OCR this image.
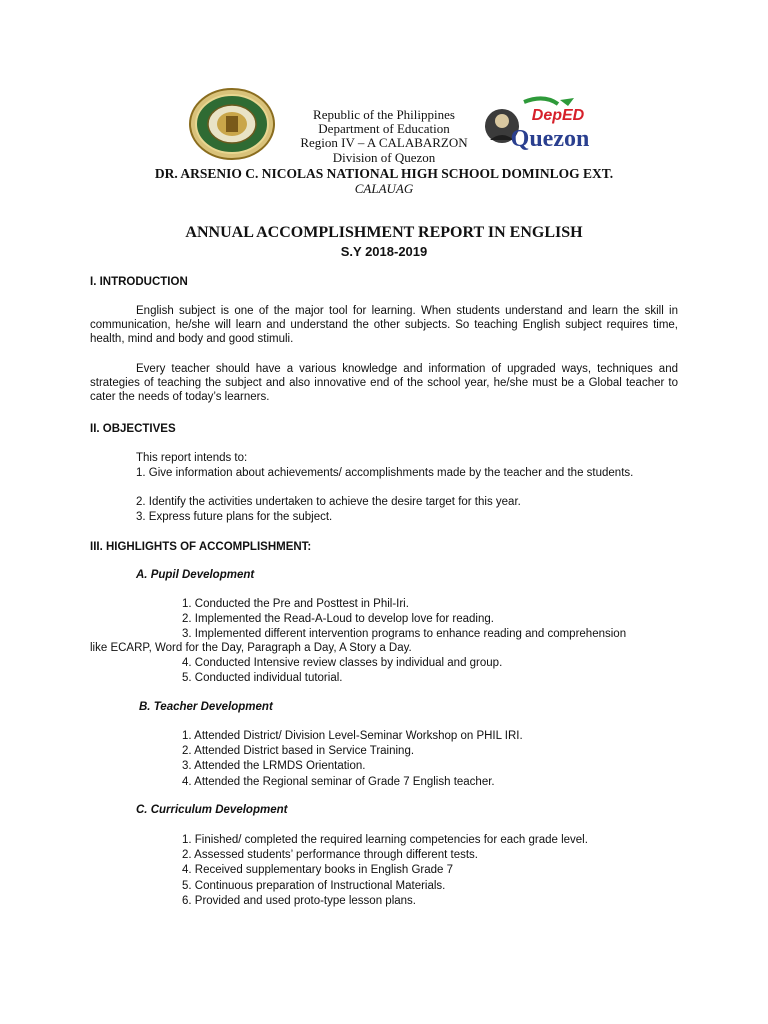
DepED
Quezon
Republic of the Philippines
Department of Education
Region IV – A CALABARZON
Division of Quezon
DR. ARSENIO C. NICOLAS NATIONAL HIGH SCHOOL DOMINLOG EXT.
CALAUAG
ANNUAL ACCOMPLISHMENT REPORT IN ENGLISH
S.Y 2018-2019
I. INTRODUCTION
English subject is one of the major tool for learning. When students understand and learn the skill in communication, he/she will learn and understand the other subjects. So teaching English subject requires time, health, mind and body and good stimuli.
Every teacher should have a various knowledge and information of upgraded ways, techniques and strategies of teaching the subject and also innovative end of the school year, he/she must be a Global teacher to cater the needs of today’s learners.
II. OBJECTIVES
This report intends to:
1. Give information about achievements/ accomplishments made by the teacher and the students.
2. Identify the activities undertaken to achieve the desire target for this year.
3. Express future plans for the subject.
III. HIGHLIGHTS OF ACCOMPLISHMENT:
A. Pupil Development
1. Conducted the Pre and Posttest in Phil-Iri.
2. Implemented the Read-A-Loud to develop love for reading.
3. Implemented different intervention programs to enhance reading and comprehension
like ECARP, Word for the Day, Paragraph a Day, A Story a Day.
4. Conducted Intensive review classes by individual and group.
5. Conducted individual tutorial.
B. Teacher Development
1. Attended District/ Division Level-Seminar Workshop on PHIL IRI.
2. Attended District based in Service Training.
3. Attended the LRMDS Orientation.
4. Attended the Regional seminar of Grade 7 English teacher.
C. Curriculum Development
1. Finished/ completed the required learning competencies for each grade level.
2. Assessed students’ performance through different tests.
4. Received supplementary books in English Grade 7
5. Continuous preparation of Instructional Materials.
6. Provided and used proto-type lesson plans.
